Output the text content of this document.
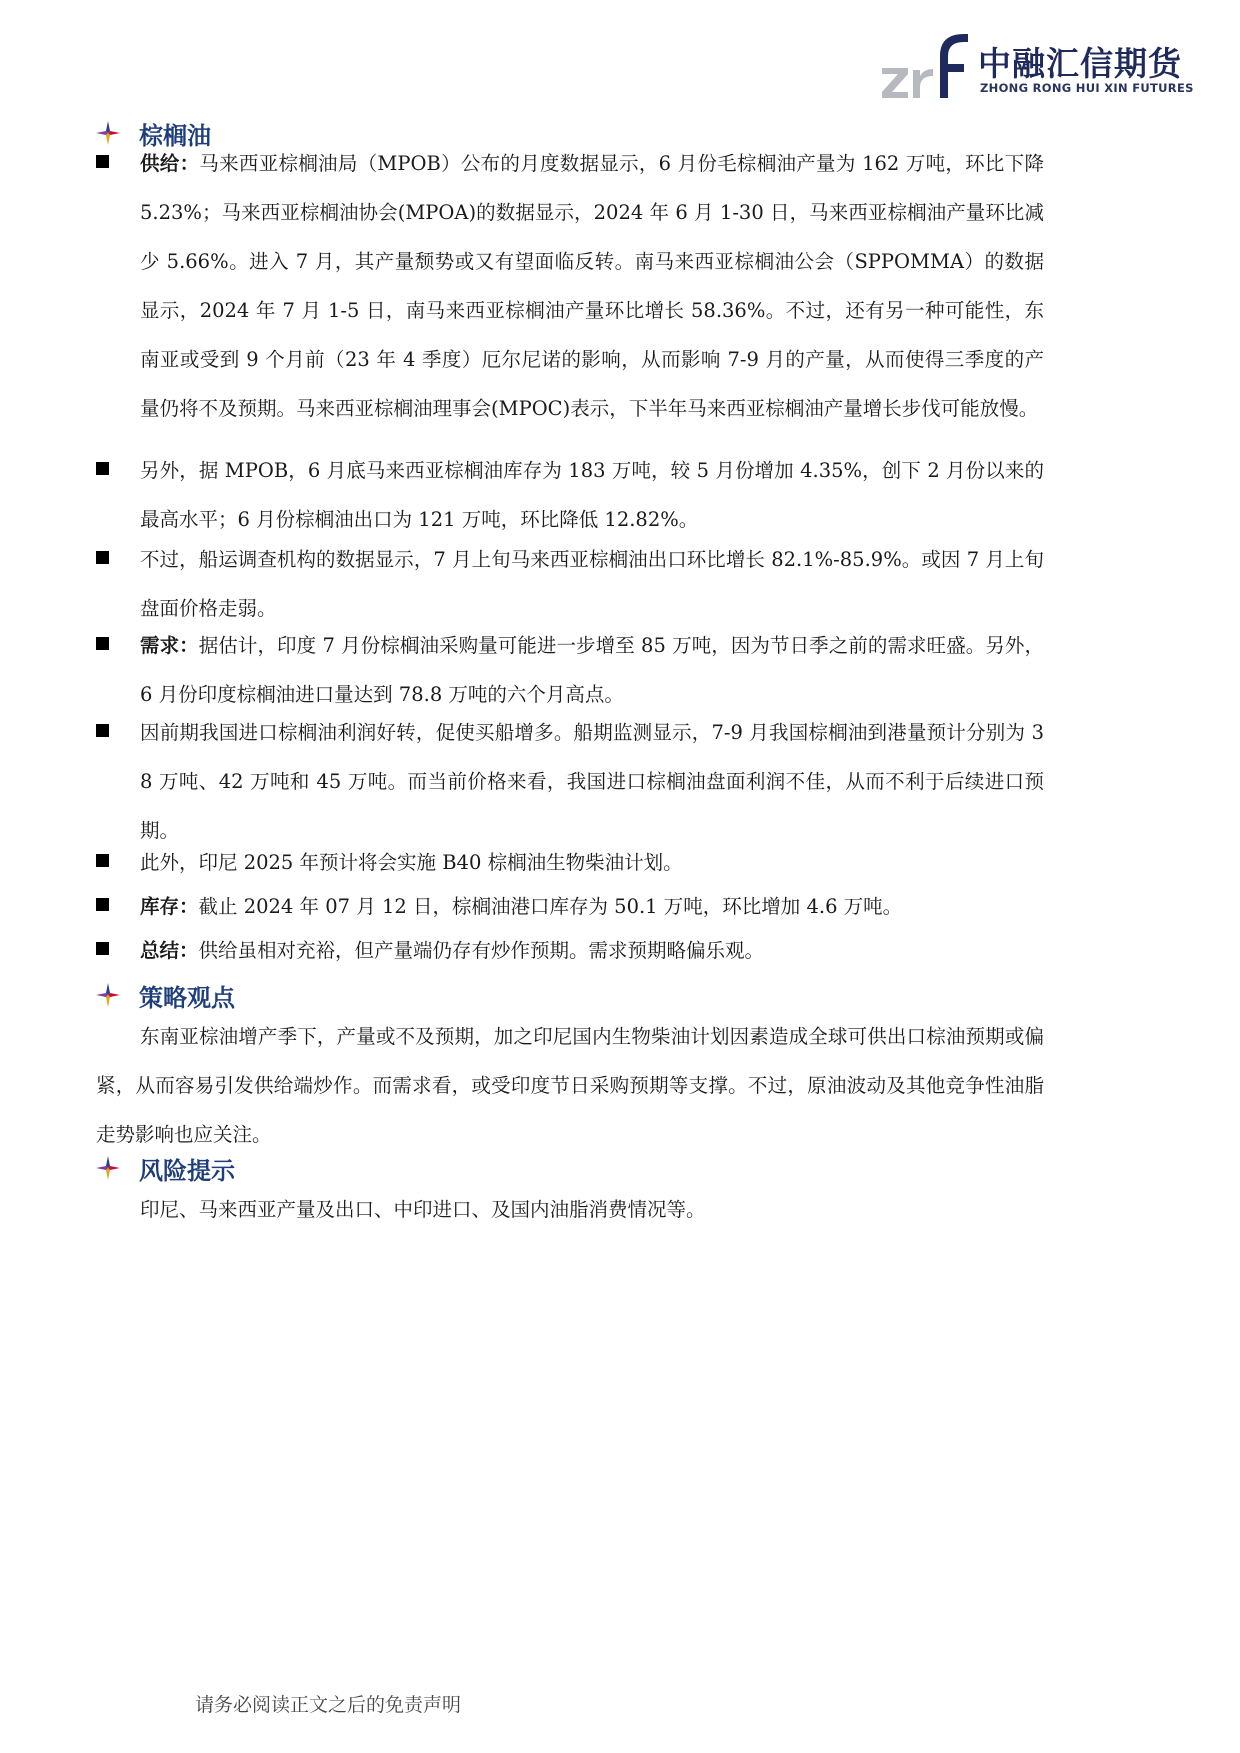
中融汇信期货
ZHONG RONG HUI XIN FUTURES
棕榈油
供给：马来西亚棕榈油局（MPOB）公布的月度数据显示，6 月份毛棕榈油产量为 162 万吨，环比下降 5.23%；马来西亚棕榈油协会(MPOA)的数据显示，2024 年 6 月 1-30 日，马来西亚棕榈油产量环比减少 5.66%。进入 7 月，其产量颓势或又有望面临反转。南马来西亚棕榈油公会（SPPOMMA）的数据显示，2024 年 7 月 1-5 日，南马来西亚棕榈油产量环比增长 58.36%。不过，还有另一种可能性，东南亚或受到 9 个月前（23 年 4 季度）厄尔尼诺的影响，从而影响 7-9 月的产量，从而使得三季度的产量仍将不及预期。马来西亚棕榈油理事会(MPOC)表示，下半年马来西亚棕榈油产量增长步伐可能放慢。
另外，据 MPOB，6 月底马来西亚棕榈油库存为 183 万吨，较 5 月份增加 4.35%，创下 2 月份以来的最高水平；6 月份棕榈油出口为 121 万吨，环比降低 12.82%。
不过，船运调查机构的数据显示，7 月上旬马来西亚棕榈油出口环比增长 82.1%-85.9%。或因 7 月上旬盘面价格走弱。
需求：据估计，印度 7 月份棕榈油采购量可能进一步增至 85 万吨，因为节日季之前的需求旺盛。另外，6 月份印度棕榈油进口量达到 78.8 万吨的六个月高点。
因前期我国进口棕榈油利润好转，促使买船增多。船期监测显示，7-9 月我国棕榈油到港量预计分别为 38 万吨、42 万吨和 45 万吨。而当前价格来看，我国进口棕榈油盘面利润不佳，从而不利于后续进口预期。
此外，印尼 2025 年预计将会实施 B40 棕榈油生物柴油计划。
库存：截止 2024 年 07 月 12 日，棕榈油港口库存为 50.1 万吨，环比增加 4.6 万吨。
总结：供给虽相对充裕，但产量端仍存有炒作预期。需求预期略偏乐观。
策略观点
东南亚棕油增产季下，产量或不及预期，加之印尼国内生物柴油计划因素造成全球可供出口棕油预期或偏紧，从而容易引发供给端炒作。而需求看，或受印度节日采购预期等支撑。不过，原油波动及其他竞争性油脂走势影响也应关注。
风险提示
印尼、马来西亚产量及出口、中印进口、及国内油脂消费情况等。
请务必阅读正文之后的免责声明
